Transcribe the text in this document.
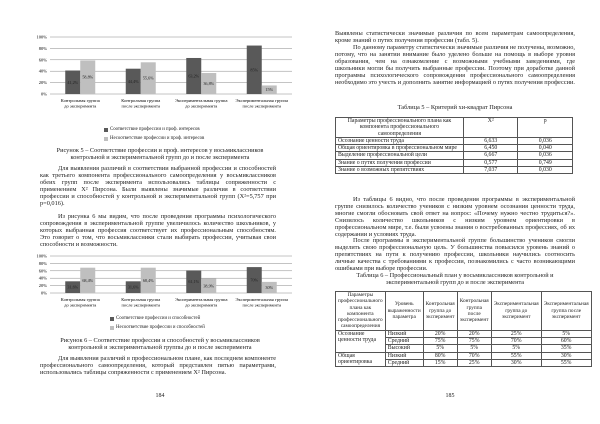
0%
20%
40%
60%
80%
100%
41,2%
58,8%
Контрольная группа до эксперимента
44,4%
55,6%
Контрольная группа после эксперимента
63,2%
36,8%
Экспериментальная группа до эксперимента
85%
15%
Экспериментальная группа после эксперимента
Соответствие профессии и проф. интересов
Несоответствие профессии и проф. интересов
Рисунок 5 – Соответствие профессии и проф. интересов у восьмиклассников контрольной и экспериментальной групп до и после эксперимента
Для выявления различий в соответствии выбранной профессии и способностей как третьего компонента профессионального самоопределения у восьмиклассников обеих групп после эксперимента использовались таблицы сопряженности с применением Х² Пирсона. Были выявлены значимые различия в соответствии профессии и способностей у контрольной и экспериментальной групп (Х²=5,757 при p=0,016).
Из рисунка 6 мы видим, что после проведения программы психологического сопровождения в экспериментальной группе увеличилось количество школьников, у которых выбранная профессия соответствует их профессиональным способностям. Это говорит о том, что восьмиклассники стали выбирать профессии, учитывая свои способности и возможности.
0%
20%
40%
60%
80%
100%
31,6%
68,4%
Контрольная группа до эксперимента
31,6%
68,4%
Контрольная группа после эксперимента
61,1%
38,9%
Экспериментальная группа до эксперимента
70%
30%
Экспериментальная группа после эксперимента
Соответствие профессии и способностей
Несоответствие профессии и способностей
Рисунок 6 – Соответствие профессии и способностей у восьмиклассников контрольной и экспериментальной группы до и после эксперимента
Для выявления различий в профессиональном плане, как последнем компоненте профессионального самоопределения, который представлен пятью параметрами, использовались таблицы сопряженности с применением Х² Пирсона.
184
Выявлены статистически значимые различия по всем параметрам самоопределения, кроме знаний о путях получения профессии (табл. 5).
По данному параметру статистически значимые различия не получены, возможно, потому, что на занятии внимание было уделено больше на помощь в выборе уровня образования, чем на ознакомление с возможными учебными заведениями, где школьники могли бы получить выбранные профессии. Поэтому при доработке данной программы психологического сопровождения профессионального самоопределения необходимо это учесть и дополнить занятие информацией о путях получения профессии.
Таблица 5 – Критерий хи-квадрат Пирсона
Параметры профессионального плана как компонента профессионального самоопределения	Х²	p
Осознание ценности труда	6,633	0,036
Общая ориентировка в профессиональном мире	6,450	0,040
Выделение профессиональной цели	6,667	0,036
Знание о путях получения профессии	0,577	0,749
Знание о возможных препятствиях	7,037	0,030
Из таблицы 6 видно, что после проведения программы в экспериментальной группе снизилось количество учеников с низким уровнем осознания ценности труда, многие смогли обосновать свой ответ на вопрос: «Почему нужно честно трудиться?». Снизилось количество школьников с низким уровнем ориентировки в профессиональном мире, т.е. были усвоены знания о востребованных профессиях, об их содержании и условиях труда.
После программы в экспериментальной группе большинство учеников смогли выделить свою профессиональную цель. У большинства повысился уровень знаний о препятствиях на пути к получению профессии, школьники научились соотносить личные качества с требованиями к профессии, познакомились с часто возникающими ошибками при выборе профессии.
Таблица 6 – Профессиональный план у восьмиклассников контрольной и экспериментальной групп до и после эксперимента
Параметры профессионального плана как компонента профессионального самоопределения	Уровень выраженности параметра	Контрольная группа до эксперимент	Контрольная группа после эксперимент	Экспериментальная группа до эксперимент	Экспериментальная группа после эксперимент
Осознание ценности труда	Низкий	20%	20%	25%	5%
	Средний	75%	75%	70%	60%
	Высокий	5%	5%	5%	35%
Общая ориентировка	Низкий	80%	70%	55%	30%
	Средний	15%	25%	30%	55%
185
